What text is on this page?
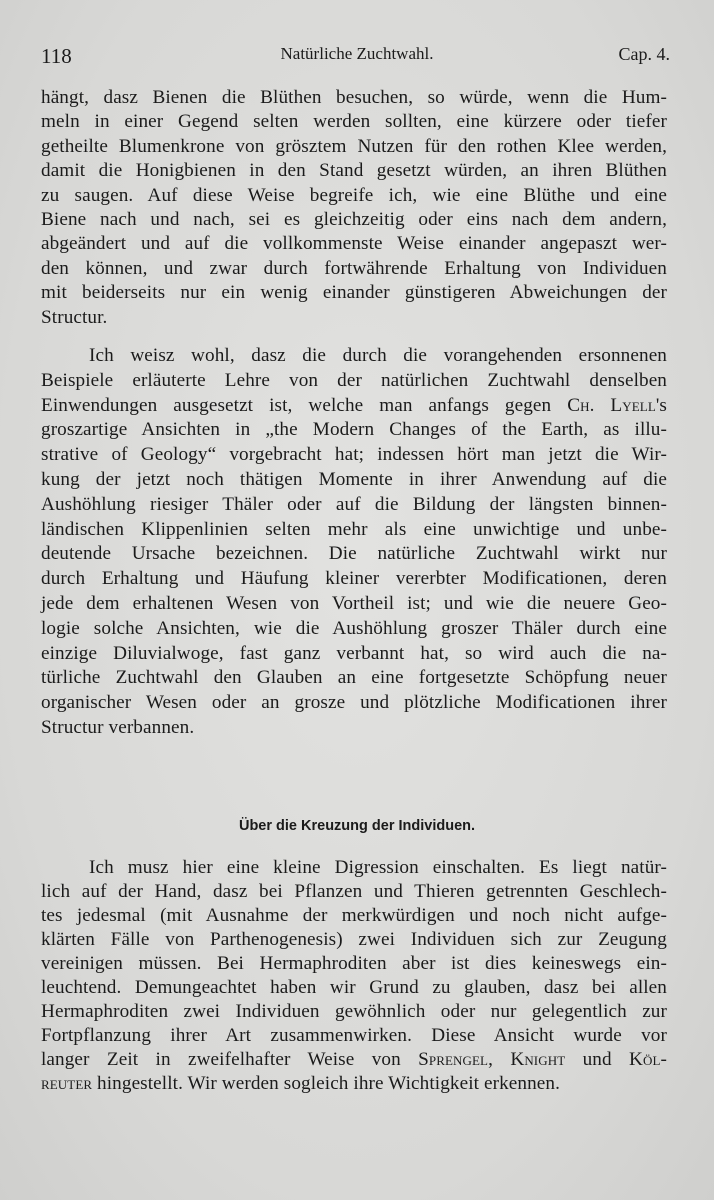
118	Natürliche Zuchtwahl.	Cap. 4.
hängt, dasz Bienen die Blüthen besuchen, so würde, wenn die Hum-
meln in einer Gegend selten werden sollten, eine kürzere oder tiefer
getheilte Blumenkrone von grösztem Nutzen für den rothen Klee werden,
damit die Honigbienen in den Stand gesetzt würden, an ihren Blüthen
zu saugen. Auf diese Weise begreife ich, wie eine Blüthe und eine
Biene nach und nach, sei es gleichzeitig oder eins nach dem andern,
abgeändert und auf die vollkommenste Weise einander angepaszt wer-
den können, und zwar durch fortwährende Erhaltung von Individuen
mit beiderseits nur ein wenig einander günstigeren Abweichungen der
Structur.
Ich weisz wohl, dasz die durch die vorangehenden ersonnenen
Beispiele erläuterte Lehre von der natürlichen Zuchtwahl denselben
Einwendungen ausgesetzt ist, welche man anfangs gegen Ch. Lyell's
groszartige Ansichten in „the Modern Changes of the Earth, as illu-
strative of Geology“ vorgebracht hat; indessen hört man jetzt die Wir-
kung der jetzt noch thätigen Momente in ihrer Anwendung auf die
Aushöhlung riesiger Thäler oder auf die Bildung der längsten binnen-
ländischen Klippenlinien selten mehr als eine unwichtige und unbe-
deutende Ursache bezeichnen. Die natürliche Zuchtwahl wirkt nur
durch Erhaltung und Häufung kleiner vererbter Modificationen, deren
jede dem erhaltenen Wesen von Vortheil ist; und wie die neuere Geo-
logie solche Ansichten, wie die Aushöhlung groszer Thäler durch eine
einzige Diluvialwoge, fast ganz verbannt hat, so wird auch die na-
türliche Zuchtwahl den Glauben an eine fortgesetzte Schöpfung neuer
organischer Wesen oder an grosze und plötzliche Modificationen ihrer
Structur verbannen.
Ich musz hier eine kleine Digression einschalten. Es liegt natür-
lich auf der Hand, dasz bei Pflanzen und Thieren getrennten Geschlech-
tes jedesmal (mit Ausnahme der merkwürdigen und noch nicht aufge-
klärten Fälle von Parthenogenesis) zwei Individuen sich zur Zeugung
vereinigen müssen. Bei Hermaphroditen aber ist dies keineswegs ein-
leuchtend. Demungeachtet haben wir Grund zu glauben, dasz bei allen
Hermaphroditen zwei Individuen gewöhnlich oder nur gelegentlich zur
Fortpflanzung ihrer Art zusammenwirken. Diese Ansicht wurde vor
langer Zeit in zweifelhafter Weise von Sprengel, Knight und Köl-
reuter hingestellt. Wir werden sogleich ihre Wichtigkeit erkennen.
Über die Kreuzung der Individuen.
